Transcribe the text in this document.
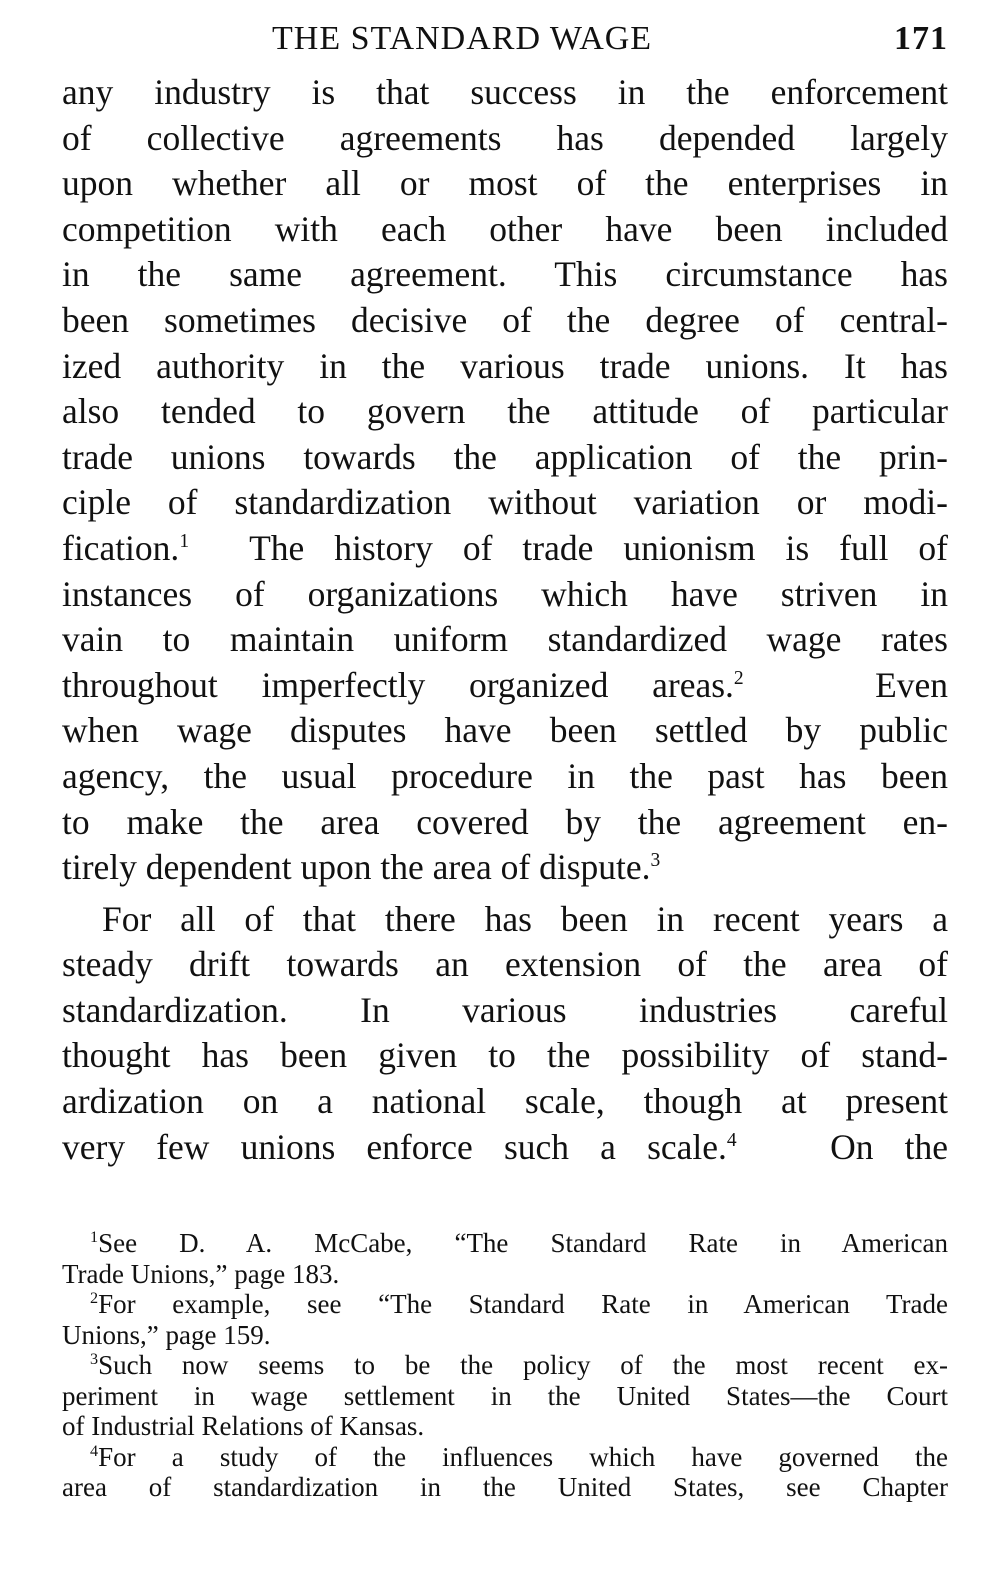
THE STANDARD WAGE	171
any industry is that success in the enforcement
of collective agreements has depended largely
upon whether all or most of the enterprises in
competition with each other have been included
in the same agreement. This circumstance has
been sometimes decisive of the degree of central-
ized authority in the various trade unions. It has
also tended to govern the attitude of particular
trade unions towards the application of the prin-
ciple of standardization without variation or modi-
fication.$^1$ The history of trade unionism is full of
instances of organizations which have striven in
vain to maintain uniform standardized wage rates
throughout imperfectly organized areas.$^2$	Even
when wage disputes have been settled by public
agency, the usual procedure in the past has been
to make the area covered by the agreement en-
tirely dependent upon the area of dispute.$^3$
For all of that there has been in recent years a
steady drift towards an extension of the area of
standardization. In various industries careful
thought has been given to the possibility of stand-
ardization on a national scale, though at present
very few unions enforce such a scale.$^4$	On the
$^1$See D. A. McCabe, “The Standard Rate in American
Trade Unions,” page 183.
$^2$For example, see “The Standard Rate in American Trade
Unions,” page 159.
$^3$Such now seems to be the policy of the most recent ex-
periment in wage settlement in the United States—the Court
of Industrial Relations of Kansas.
$^4$For a study of the influences which have governed the
area of standardization in the United States, see Chapter
